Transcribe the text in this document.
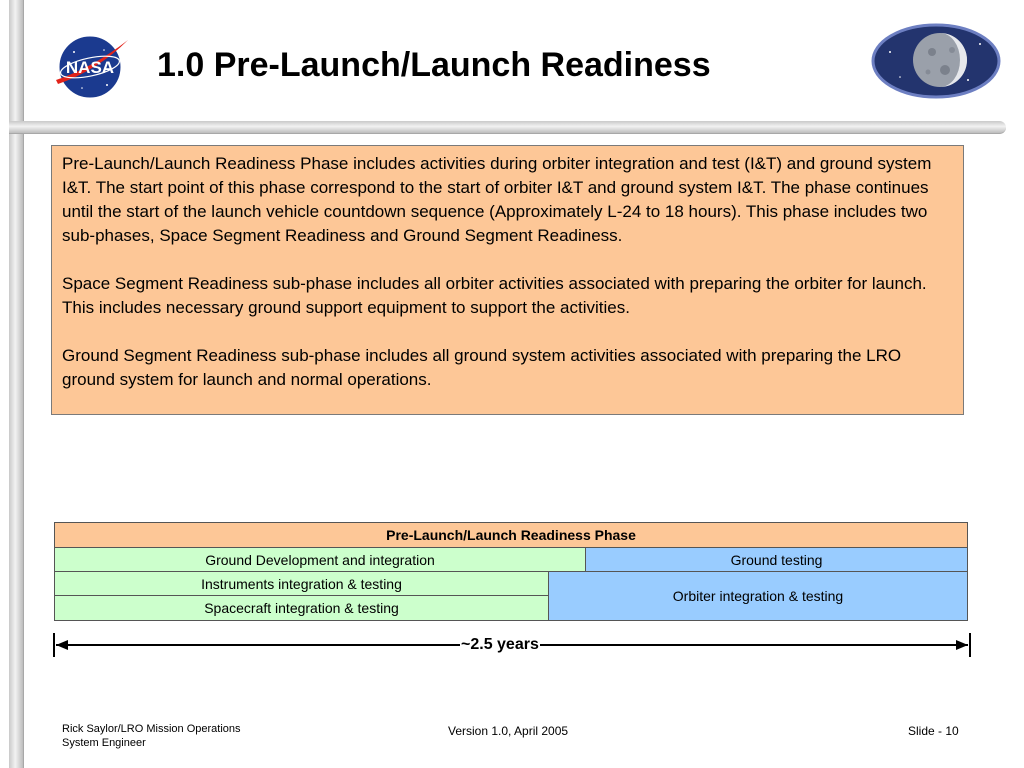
NASA 1.0 Pre-Launch/Launch Readiness

Pre-Launch/Launch Readiness Phase includes activities during orbiter integration and test (I&T) and ground system I&T. The start point of this phase correspond to the start of orbiter I&T and ground system I&T. The phase continues until the start of the launch vehicle countdown sequence (Approximately L-24 to 18 hours). This phase includes two sub-phases, Space Segment Readiness and Ground Segment Readiness.

Space Segment Readiness sub-phase includes all orbiter activities associated with preparing the orbiter for launch. This includes necessary ground support equipment to support the activities.

Ground Segment Readiness sub-phase includes all ground system activities associated with preparing the LRO ground system for launch and normal operations.

Pre-Launch/Launch Readiness Phase
Ground Development and integration	Ground testing
Instruments integration & testing
Spacecraft integration & testing
Orbiter integration & testing
~2.5 years
Rick Saylor/LRO Mission Operations
System Engineer
Version 1.0, April 2005	Slide - 10
